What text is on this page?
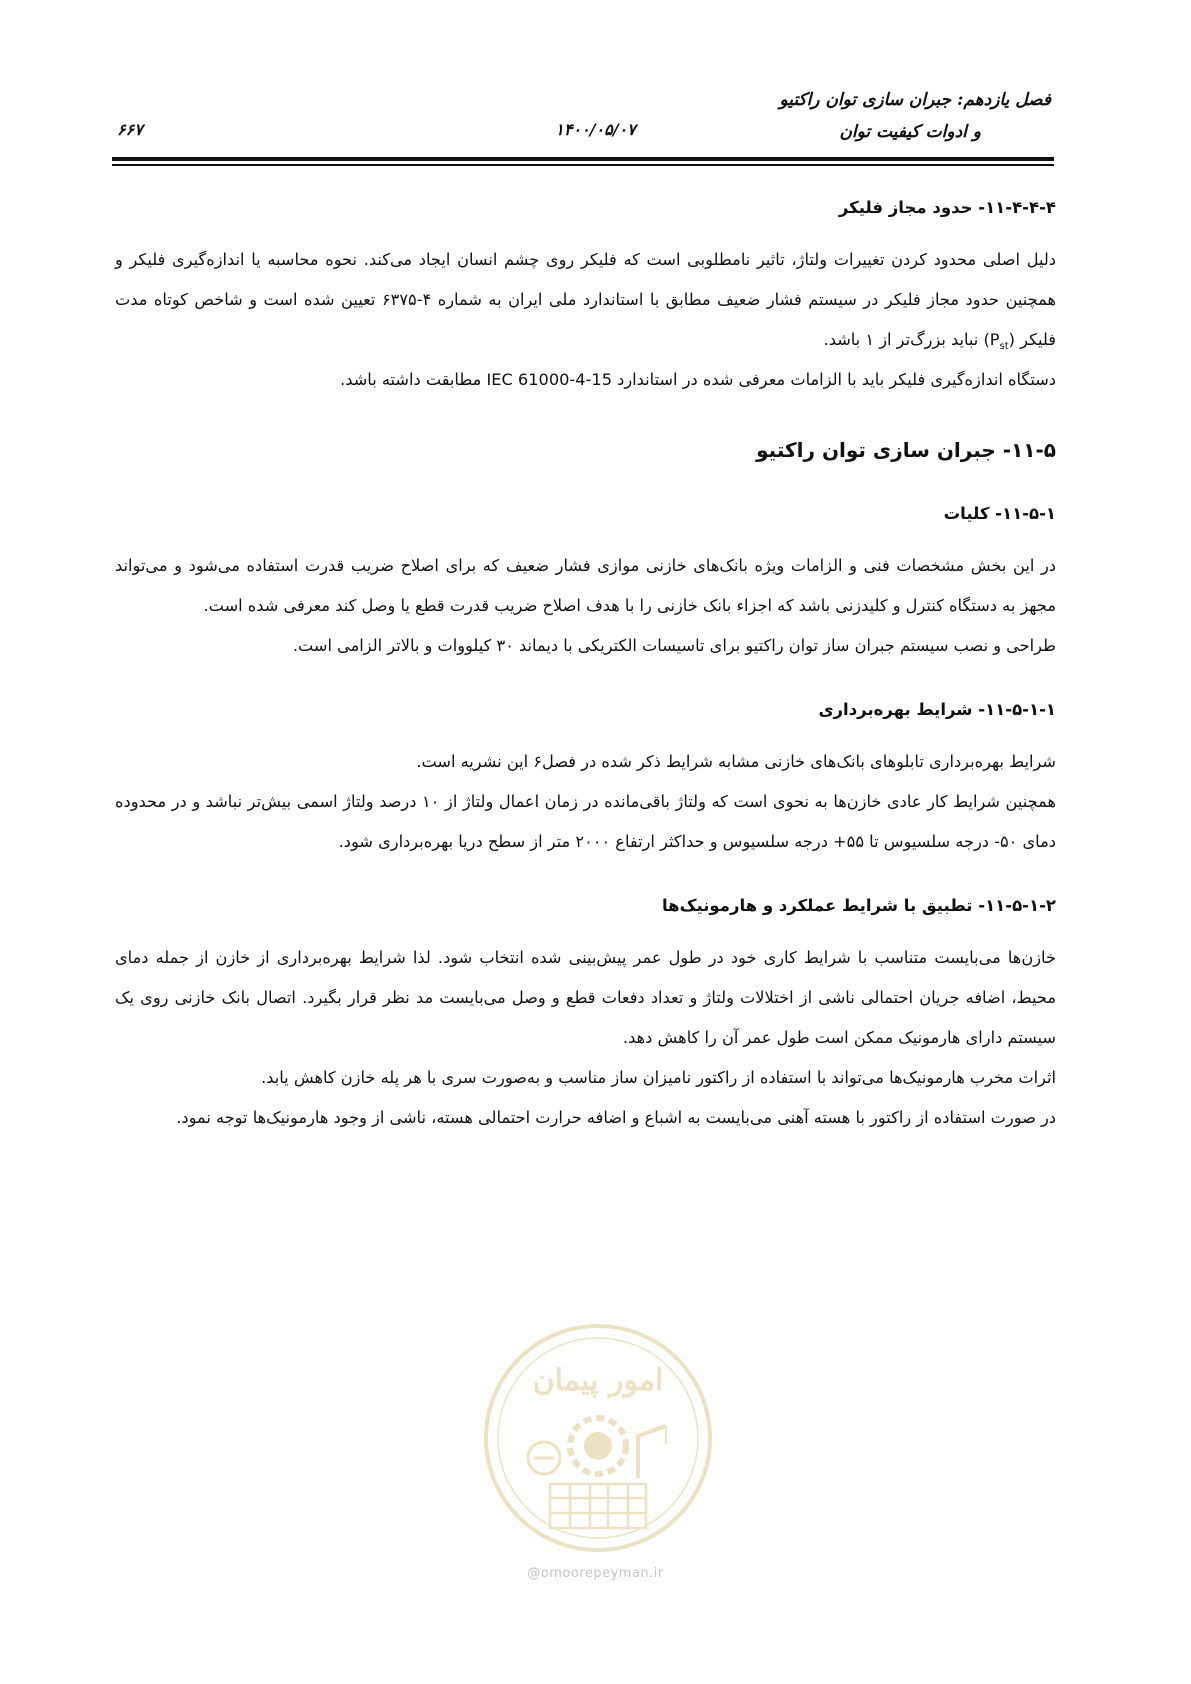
فصل یازدهم: جبران سازی توان راکتیو
و ادوات کیفیت توان
۱۴۰۰/۰۵/۰۷
۶۶۷
۱۱-۴-۴-۴- حدود مجاز فلیکر

دلیل اصلی محدود کردن تغییرات ولتاژ، تاثیر نامطلوبی است که فلیکر روی چشم انسان ایجاد می‌کند. نحوه محاسبه یا اندازه‌گیری فلیکر و همچنین حدود مجاز فلیکر در سیستم فشار ضعیف مطابق با استاندارد ملی ایران به شماره ۴-۶۳۷۵ تعیین شده است و شاخص کوتاه مدت فلیکر $(P_{st})$ نباید بزرگ‌تر از ۱ باشد.

دستگاه اندازه‌گیری فلیکر باید با الزامات معرفی شده در استاندارد IEC 61000-4-15 مطابقت داشته باشد.

۱۱-۵- جبران سازی توان راکتیو
۱۱-۵-۱- کلیات

در این بخش مشخصات فنی و الزامات ویژه بانک‌های خازنی موازی فشار ضعیف که برای اصلاح ضریب قدرت استفاده می‌شود و می‌تواند مجهز به دستگاه کنترل و کلیدزنی باشد که اجزاء بانک خازنی را با هدف اصلاح ضریب قدرت قطع یا وصل کند معرفی شده است.

طراحی و نصب سیستم جبران ساز توان راکتیو برای تاسیسات الکتریکی با دیماند ۳۰ کیلووات و بالاتر الزامی است.

۱۱-۵-۱-۱- شرایط بهره‌برداری

شرایط بهره‌برداری تابلوهای بانک‌های خازنی مشابه شرایط ذکر شده در فصل۶ این نشریه است.

همچنین شرایط کار عادی خازن‌ها به نحوی است که ولتاژ باقی‌مانده در زمان اعمال ولتاژ از ۱۰ درصد ولتاژ اسمی بیش‌تر نباشد و در محدوده دمای ۵۰- درجه سلسیوس تا ۵۵+ درجه سلسیوس و حداکثر ارتفاع ۲۰۰۰ متر از سطح دریا بهره‌برداری شود.

۱۱-۵-۱-۲- تطبیق با شرایط عملکرد و هارمونیک‌ها

خازن‌ها می‌بایست متناسب با شرایط کاری خود در طول عمر پیش‌بینی شده انتخاب شود. لذا شرایط بهره‌برداری از خازن از جمله دمای محیط، اضافه جریان احتمالی ناشی از اختلالات ولتاژ و تعداد دفعات قطع و وصل می‌بایست مد نظر قرار بگیرد. اتصال بانک خازنی روی یک سیستم دارای هارمونیک ممکن است طول عمر آن را کاهش دهد.

اثرات مخرب هارمونیک‌ها می‌تواند با استفاده از راکتور نامیزان ساز مناسب و به‌صورت سری با هر پله خازن کاهش یابد.

در صورت استفاده از راکتور با هسته آهنی می‌بایست به اشباع و اضافه حرارت احتمالی هسته، ناشی از وجود هارمونیک‌ها توجه نمود.

امور پیمان
@omoorepeyman.ir
